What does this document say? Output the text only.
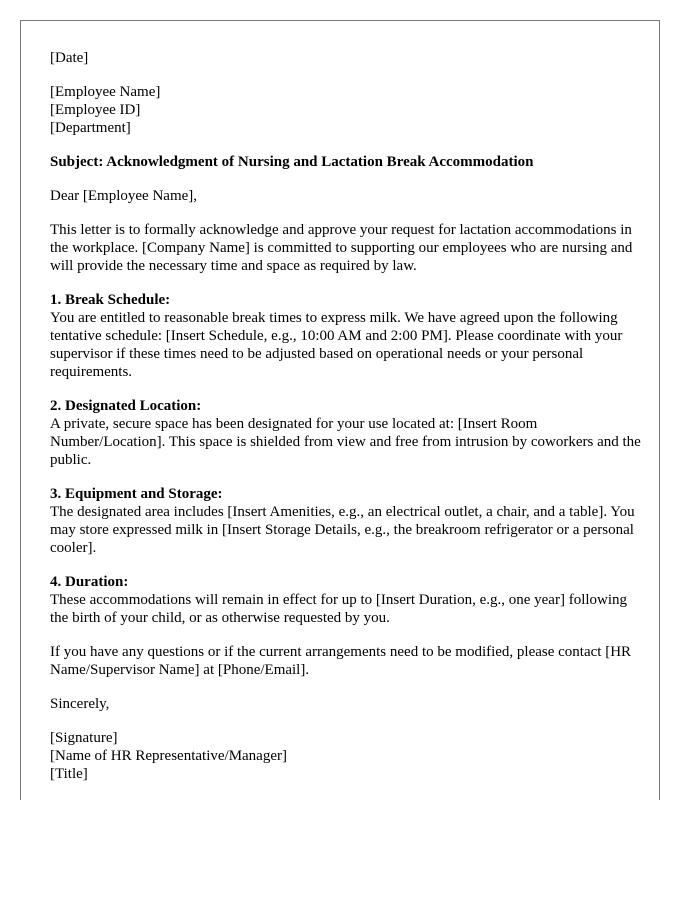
[Date]

[Employee Name]
[Employee ID]
[Department]

Subject: Acknowledgment of Nursing and Lactation Break Accommodation

Dear [Employee Name],

This letter is to formally acknowledge and approve your request for lactation accommodations in the workplace. [Company Name] is committed to supporting our employees who are nursing and will provide the necessary time and space as required by law.

1. Break Schedule:
You are entitled to reasonable break times to express milk. We have agreed upon the following tentative schedule: [Insert Schedule, e.g., 10:00 AM and 2:00 PM]. Please coordinate with your supervisor if these times need to be adjusted based on operational needs or your personal requirements.

2. Designated Location:
A private, secure space has been designated for your use located at: [Insert Room Number/Location]. This space is shielded from view and free from intrusion by coworkers and the public.

3. Equipment and Storage:
The designated area includes [Insert Amenities, e.g., an electrical outlet, a chair, and a table]. You may store expressed milk in [Insert Storage Details, e.g., the breakroom refrigerator or a personal cooler].

4. Duration:
These accommodations will remain in effect for up to [Insert Duration, e.g., one year] following the birth of your child, or as otherwise requested by you.

If you have any questions or if the current arrangements need to be modified, please contact [HR Name/Supervisor Name] at [Phone/Email].

Sincerely,

[Signature]
[Name of HR Representative/Manager]
[Title]
